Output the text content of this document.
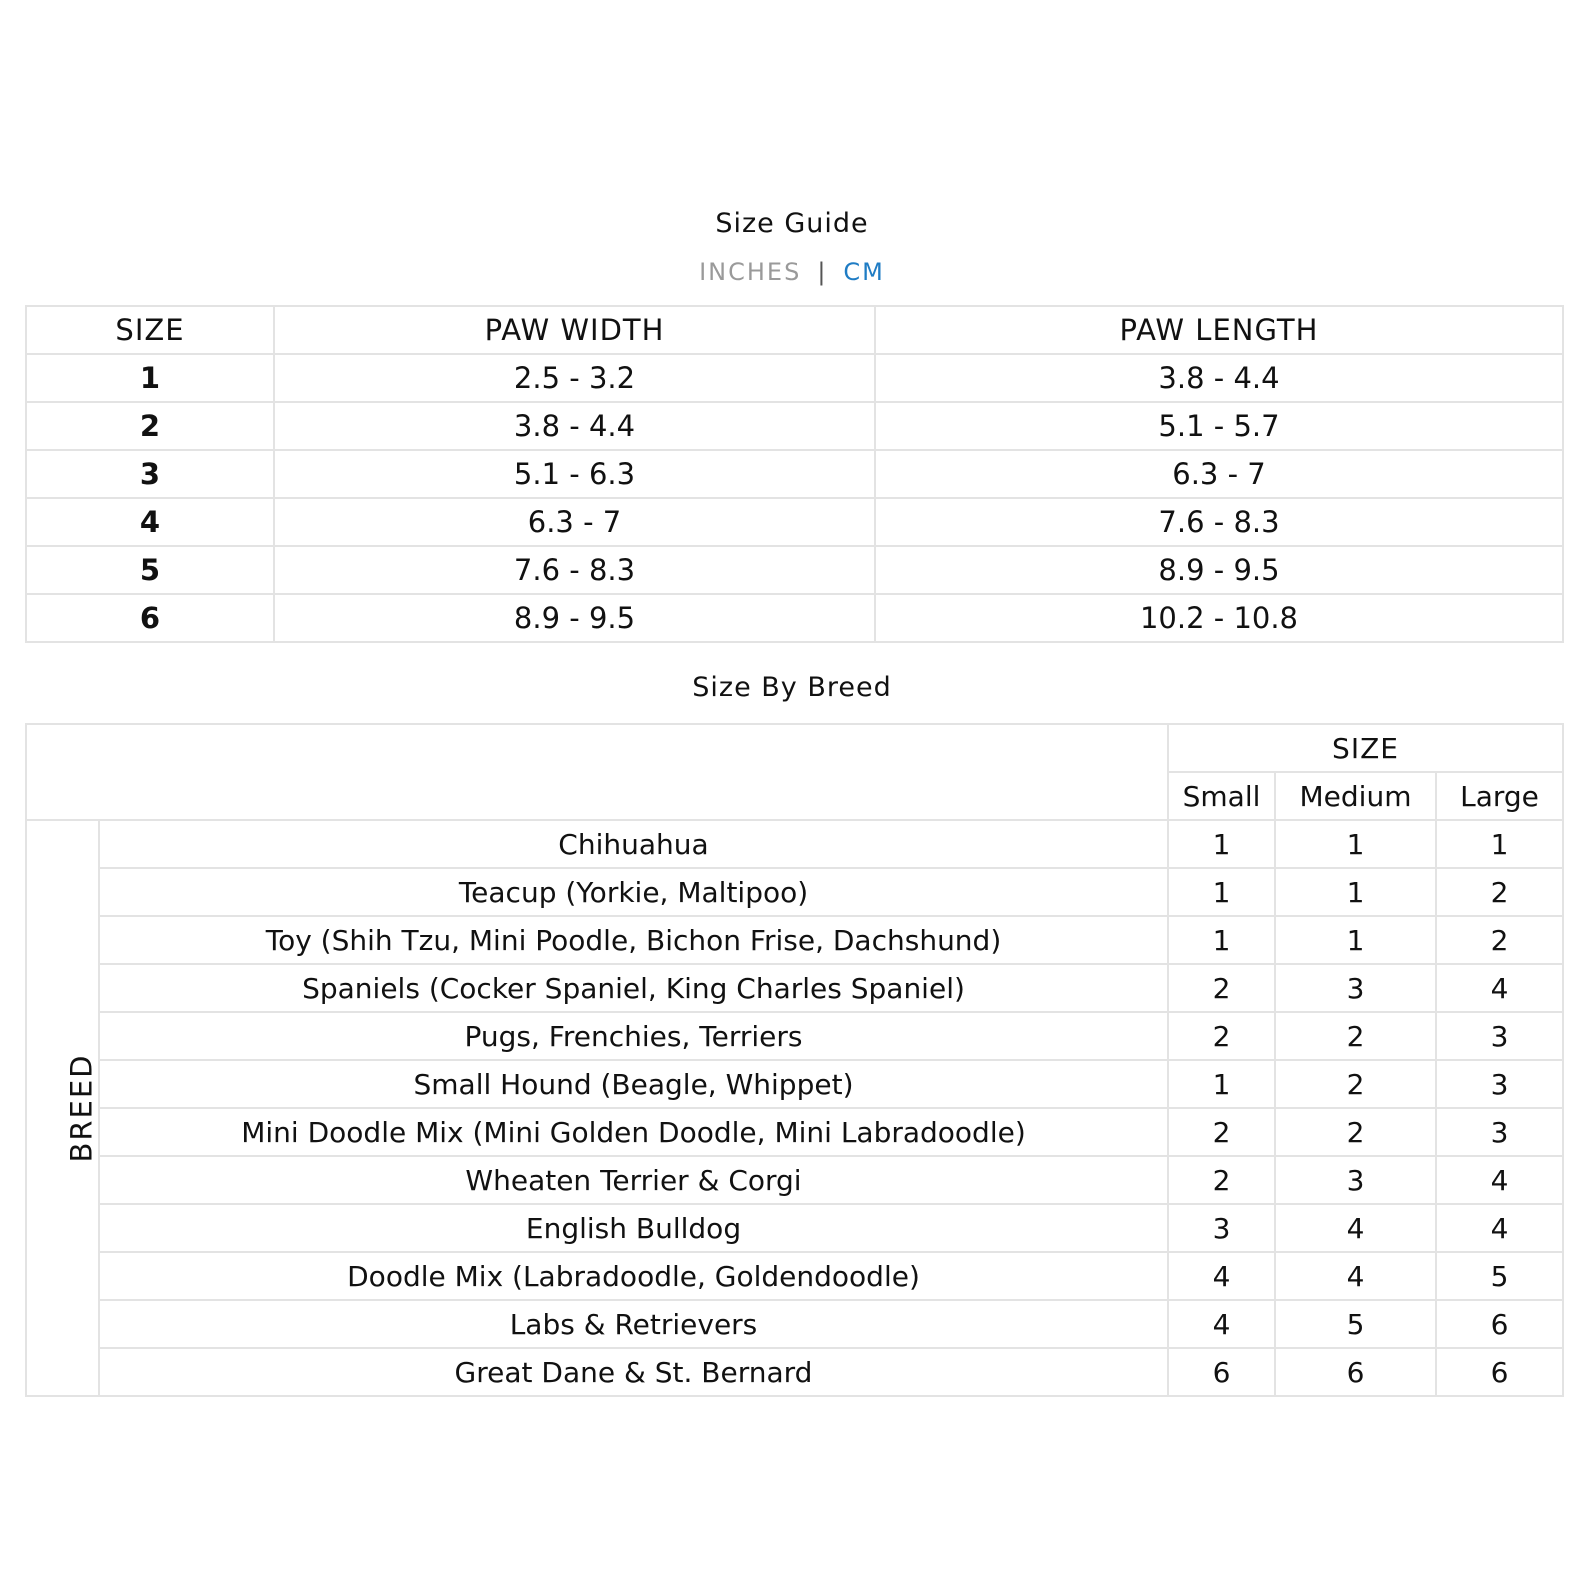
Size Guide
INCHES | CM
SIZE	PAW WIDTH	PAW LENGTH
1	2.5 - 3.2	3.8 - 4.4
2	3.8 - 4.4	5.1 - 5.7
3	5.1 - 6.3	6.3 - 7
4	6.3 - 7	7.6 - 8.3
5	7.6 - 8.3	8.9 - 9.5
6	8.9 - 9.5	10.2 - 10.8
Size By Breed
		SIZE		
		Small	Medium	Large
BREED	Chihuahua	1	1	1
	Teacup (Yorkie, Maltipoo)	1	1	2
	Toy (Shih Tzu, Mini Poodle, Bichon Frise, Dachshund)	1	1	2
	Spaniels (Cocker Spaniel, King Charles Spaniel)	2	3	4
	Pugs, Frenchies, Terriers	2	2	3
	Small Hound (Beagle, Whippet)	1	2	3
	Mini Doodle Mix (Mini Golden Doodle, Mini Labradoodle)	2	2	3
	Wheaten Terrier & Corgi	2	3	4
	English Bulldog	3	4	4
	Doodle Mix (Labradoodle, Goldendoodle)	4	4	5
	Labs & Retrievers	4	5	6
	Great Dane & St. Bernard	6	6	6
